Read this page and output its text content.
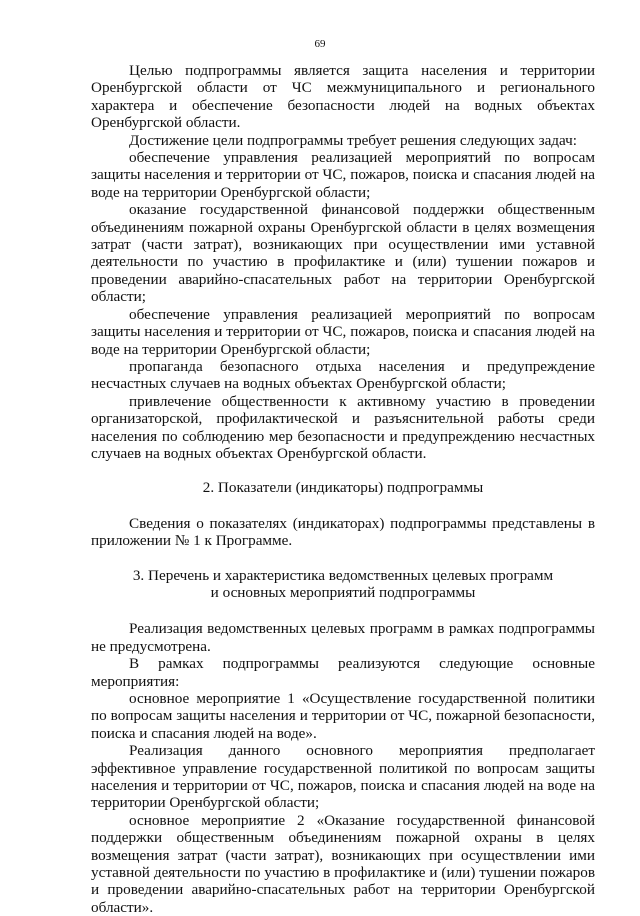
69

Целью подпрограммы является защита населения и территории Оренбургской области от ЧС межмуниципального и регионального характера и обеспечение безопасности людей на водных объектах Оренбургской области.

Достижение цели подпрограммы требует решения следующих задач:

обеспечение управления реализацией мероприятий по вопросам защиты населения и территории от ЧС, пожаров, поиска и спасания людей на воде на территории Оренбургской области;

оказание государственной финансовой поддержки общественным объединениям пожарной охраны Оренбургской области в целях возмещения затрат (части затрат), возникающих при осуществлении ими уставной деятельности по участию в профилактике и (или) тушении пожаров и проведении аварийно-спасательных работ на территории Оренбургской области;

обеспечение управления реализацией мероприятий по вопросам защиты населения и территории от ЧС, пожаров, поиска и спасания людей на воде на территории Оренбургской области;

пропаганда безопасного отдыха населения и предупреждение несчастных случаев на водных объектах Оренбургской области;

привлечение общественности к активному участию в проведении организаторской, профилактической и разъяснительной работы среди населения по соблюдению мер безопасности и предупреждению несчастных случаев на водных объектах Оренбургской области.

2. Показатели (индикаторы) подпрограммы

Сведения о показателях (индикаторах) подпрограммы представлены в приложении № 1 к Программе.

3. Перечень и характеристика ведомственных целевых программ

и основных мероприятий подпрограммы

Реализация ведомственных целевых программ в рамках подпрограммы не предусмотрена.

В рамках подпрограммы реализуются следующие основные мероприятия:

основное мероприятие 1 «Осуществление государственной политики по вопросам защиты населения и территории от ЧС, пожарной безопасности, поиска и спасания людей на воде».

Реализация данного основного мероприятия предполагает эффективное управление государственной политикой по вопросам защиты населения и территории от ЧС, пожаров, поиска и спасания людей на воде на территории Оренбургской области;

основное мероприятие 2 «Оказание государственной финансовой поддержки общественным объединениям пожарной охраны в целях возмещения затрат (части затрат), возникающих при осуществлении ими уставной деятельности по участию в профилактике и (или) тушении пожаров и проведении аварийно-спасательных работ на территории Оренбургской области».
